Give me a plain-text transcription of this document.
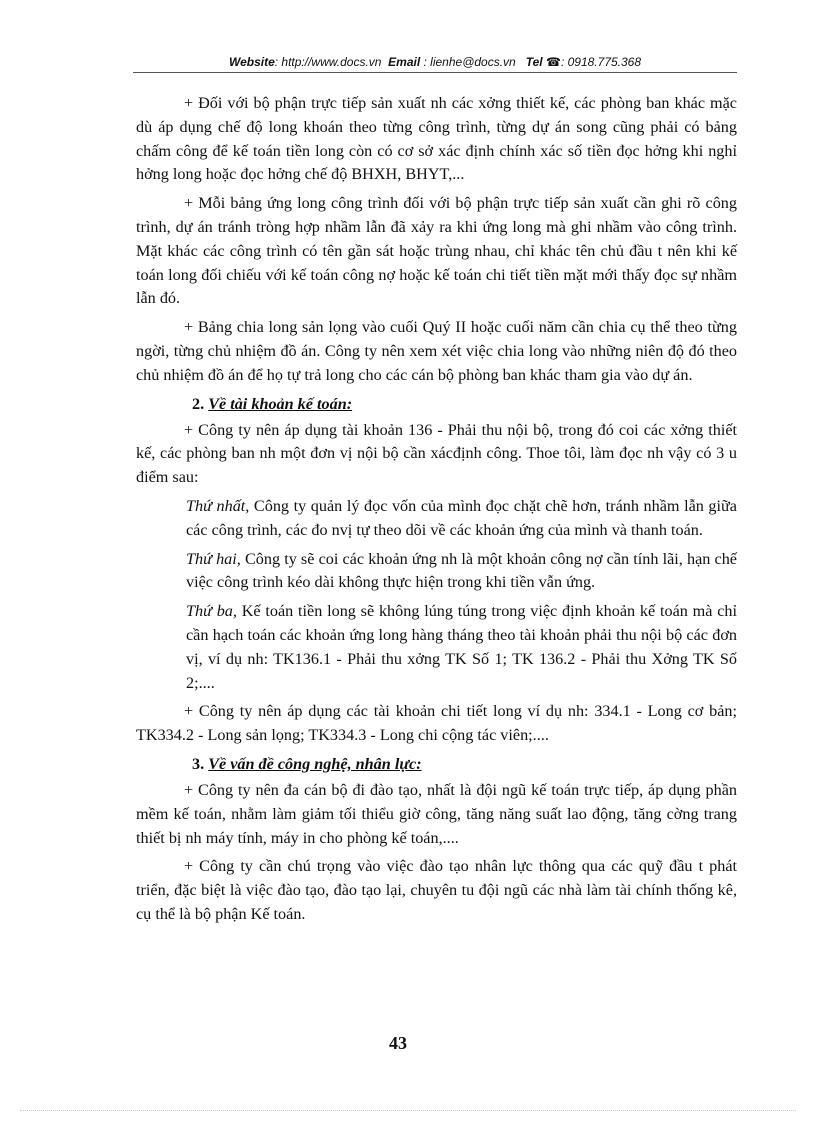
Website: http://www.docs.vn Email : lienhe@docs.vn Tel ☎: 0918.775.368

+ Đối với bộ phận trực tiếp sản xuất nh các xởng thiết kế, các phòng ban khác mặc dù áp dụng chế độ long khoán theo từng công trình, từng dự án song cũng phải có bảng chấm công để kế toán tiền long còn có cơ sở xác định chính xác số tiền đọc hởng khi nghỉ hởng long hoặc đọc hởng chế độ BHXH, BHYT,...

+ Mỗi bảng ứng long công trình đối với bộ phận trực tiếp sản xuất cần ghi rõ công trình, dự án tránh tròng hợp nhầm lẫn đã xảy ra khi ứng long mà ghi nhầm vào công trình. Mặt khác các công trình có tên gần sát hoặc trùng nhau, chỉ khác tên chủ đầu t nên khi kế toán long đối chiếu với kế toán công nợ hoặc kế toán chi tiết tiền mặt mới thấy đọc sự nhầm lẫn đó.

+ Bảng chia long sản lọng vào cuối Quý II hoặc cuối năm cần chia cụ thể theo từng ngời, từng chủ nhiệm đồ án. Công ty nên xem xét việc chia long vào những niên độ đó theo chủ nhiệm đồ án để họ tự trả long cho các cán bộ phòng ban khác tham gia vào dự án.

2. Về tài khoản kế toán:

+ Công ty nên áp dụng tài khoản 136 - Phải thu nội bộ, trong đó coi các xởng thiết kế, các phòng ban nh một đơn vị nội bộ cần xácđịnh công. Thoe tôi, làm đọc nh vậy có 3 u điểm sau:

Thứ nhất, Công ty quản lý đọc vốn của mình đọc chặt chẽ hơn, tránh nhầm lẫn giữa các công trình, các đo nvị tự theo dõi về các khoản ứng của mình và thanh toán.

Thứ hai, Công ty sẽ coi các khoản ứng nh là một khoản công nợ cần tính lãi, hạn chế việc công trình kéo dài không thực hiện trong khi tiền vẫn ứng.

Thứ ba, Kế toán tiền long sẽ không lúng túng trong việc định khoản kế toán mà chỉ cần hạch toán các khoản ứng long hàng tháng theo tài khoản phải thu nội bộ các đơn vị, ví dụ nh: TK136.1 - Phải thu xởng TK Số 1; TK 136.2 - Phải thu Xởng TK Số 2;....

+ Công ty nên áp dụng các tài khoản chi tiết long ví dụ nh: 334.1 - Long cơ bản; TK334.2 - Long sản lọng; TK334.3 - Long chi cộng tác viên;....

3. Về vấn đề công nghệ, nhân lực:

+ Công ty nên đa cán bộ đi đào tạo, nhất là đội ngũ kế toán trực tiếp, áp dụng phần mềm kế toán, nhằm làm giảm tối thiểu giờ công, tăng năng suất lao động, tăng cờng trang thiết bị nh máy tính, máy in cho phòng kế toán,....

+ Công ty cần chú trọng vào việc đào tạo nhân lực thông qua các quỹ đầu t phát triển, đặc biệt là việc đào tạo, đào tạo lại, chuyên tu đội ngũ các nhà làm tài chính thống kê, cụ thể là bộ phận Kế toán.

43
